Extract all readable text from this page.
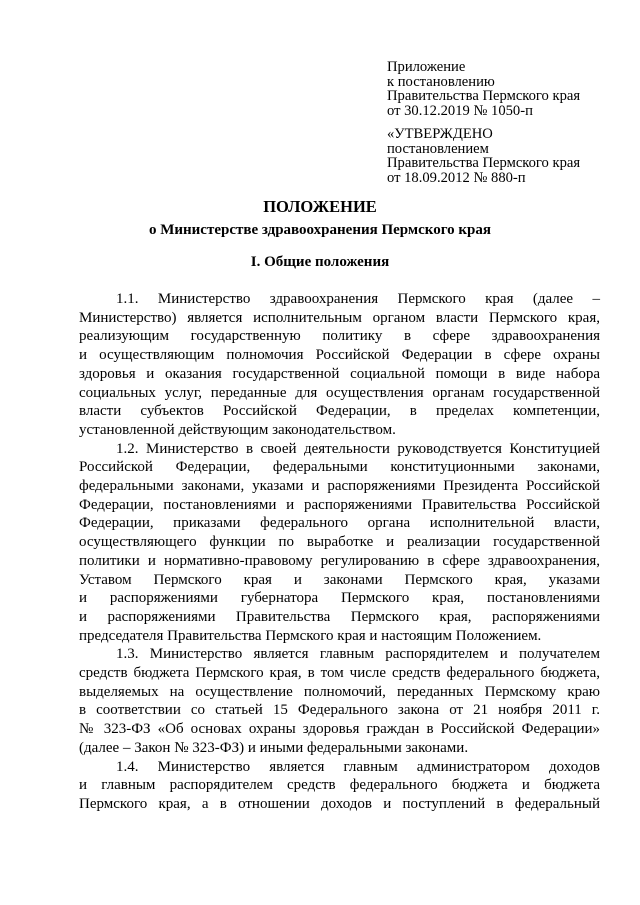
Приложение
к постановлению
Правительства Пермского края
от 30.12.2019 № 1050-п
«УТВЕРЖДЕНО
постановлением
Правительства Пермского края
от 18.09.2012 № 880-п
ПОЛОЖЕНИЕ
о Министерстве здравоохранения Пермского края
I. Общие положения
1.1. Министерство здравоохранения Пермского края (далее –
Министерство) является исполнительным органом власти Пермского края,
реализующим государственную политику в сфере здравоохранения
и осуществляющим полномочия Российской Федерации в сфере охраны
здоровья и оказания государственной социальной помощи в виде набора
социальных услуг, переданные для осуществления органам государственной
власти субъектов Российской Федерации, в пределах компетенции,
установленной действующим законодательством.
1.2. Министерство в своей деятельности руководствуется Конституцией
Российской Федерации, федеральными конституционными законами,
федеральными законами, указами и распоряжениями Президента Российской
Федерации, постановлениями и распоряжениями Правительства Российской
Федерации, приказами федерального органа исполнительной власти,
осуществляющего функции по выработке и реализации государственной
политики и нормативно-правовому регулированию в сфере здравоохранения,
Уставом Пермского края и законами Пермского края, указами
и распоряжениями губернатора Пермского края, постановлениями
и распоряжениями Правительства Пермского края, распоряжениями
председателя Правительства Пермского края и настоящим Положением.
1.3. Министерство является главным распорядителем и получателем
средств бюджета Пермского края, в том числе средств федерального бюджета,
выделяемых на осуществление полномочий, переданных Пермскому краю
в соответствии со статьей 15 Федерального закона от 21 ноября 2011 г.
№ 323-ФЗ «Об основах охраны здоровья граждан в Российской Федерации»
(далее – Закон № 323-ФЗ) и иными федеральными законами.
1.4. Министерство является главным администратором доходов
и главным распорядителем средств федерального бюджета и бюджета
Пермского края, а в отношении доходов и поступлений в федеральный
